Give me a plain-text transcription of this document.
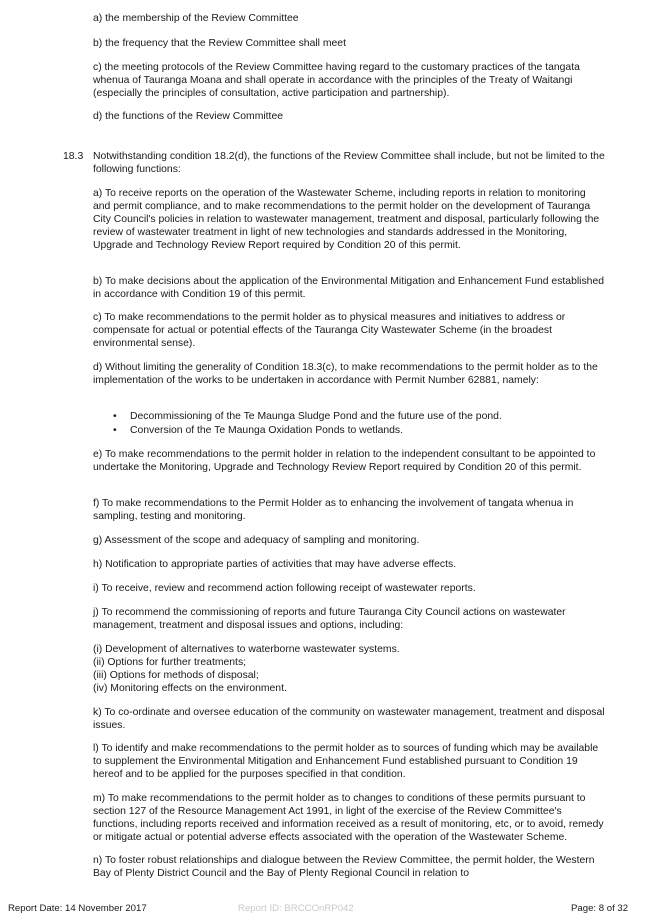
a) the membership of the Review Committee

b) the frequency that the Review Committee shall meet

c) the meeting protocols of the Review Committee having regard to the customary practices of the tangata whenua of Tauranga Moana and shall operate in accordance with the principles of the Treaty of Waitangi (especially the principles of consultation, active participation and partnership).

d) the functions of the Review Committee

18.3 Notwithstanding condition 18.2(d), the functions of the Review Committee shall include, but not be limited to the following functions:

a) To receive reports on the operation of the Wastewater Scheme, including reports in relation to monitoring and permit compliance, and to make recommendations to the permit holder on the development of Tauranga City Council's policies in relation to wastewater management, treatment and disposal, particularly following the review of wastewater treatment in light of new technologies and standards addressed in the Monitoring, Upgrade and Technology Review Report required by Condition 20 of this permit.

b) To make decisions about the application of the Environmental Mitigation and Enhancement Fund established in accordance with Condition 19 of this permit.

c) To make recommendations to the permit holder as to physical measures and initiatives to address or compensate for actual or potential effects of the Tauranga City Wastewater Scheme (in the broadest environmental sense).

d) Without limiting the generality of Condition 18.3(c), to make recommendations to the permit holder as to the implementation of the works to be undertaken in accordance with Permit Number 62881, namely:

• Decommissioning of the Te Maunga Sludge Pond and the future use of the pond.

• Conversion of the Te Maunga Oxidation Ponds to wetlands.

e) To make recommendations to the permit holder in relation to the independent consultant to be appointed to undertake the Monitoring, Upgrade and Technology Review Report required by Condition 20 of this permit.

f) To make recommendations to the Permit Holder as to enhancing the involvement of tangata whenua in sampling, testing and monitoring.

g) Assessment of the scope and adequacy of sampling and monitoring.

h) Notification to appropriate parties of activities that may have adverse effects.

i) To receive, review and recommend action following receipt of wastewater reports.

j) To recommend the commissioning of reports and future Tauranga City Council actions on wastewater management, treatment and disposal issues and options, including:

(i) Development of alternatives to waterborne wastewater systems.
(ii) Options for further treatments;
(iii) Options for methods of disposal;
(iv) Monitoring effects on the environment.

k) To co-ordinate and oversee education of the community on wastewater management, treatment and disposal issues.

l) To identify and make recommendations to the permit holder as to sources of funding which may be available to supplement the Environmental Mitigation and Enhancement Fund established pursuant to Condition 19 hereof and to be applied for the purposes specified in that condition.

m) To make recommendations to the permit holder as to changes to conditions of these permits pursuant to section 127 of the Resource Management Act 1991, in light of the exercise of the Review Committee's functions, including reports received and information received as a result of monitoring, etc, or to avoid, remedy or mitigate actual or potential adverse effects associated with the operation of the Wastewater Scheme.

n) To foster robust relationships and dialogue between the Review Committee, the permit holder, the Western Bay of Plenty District Council and the Bay of Plenty Regional Council in relation to

Report Date: 14 November 2017	Report ID: BRCCOnRP042	Page: 8 of 32
